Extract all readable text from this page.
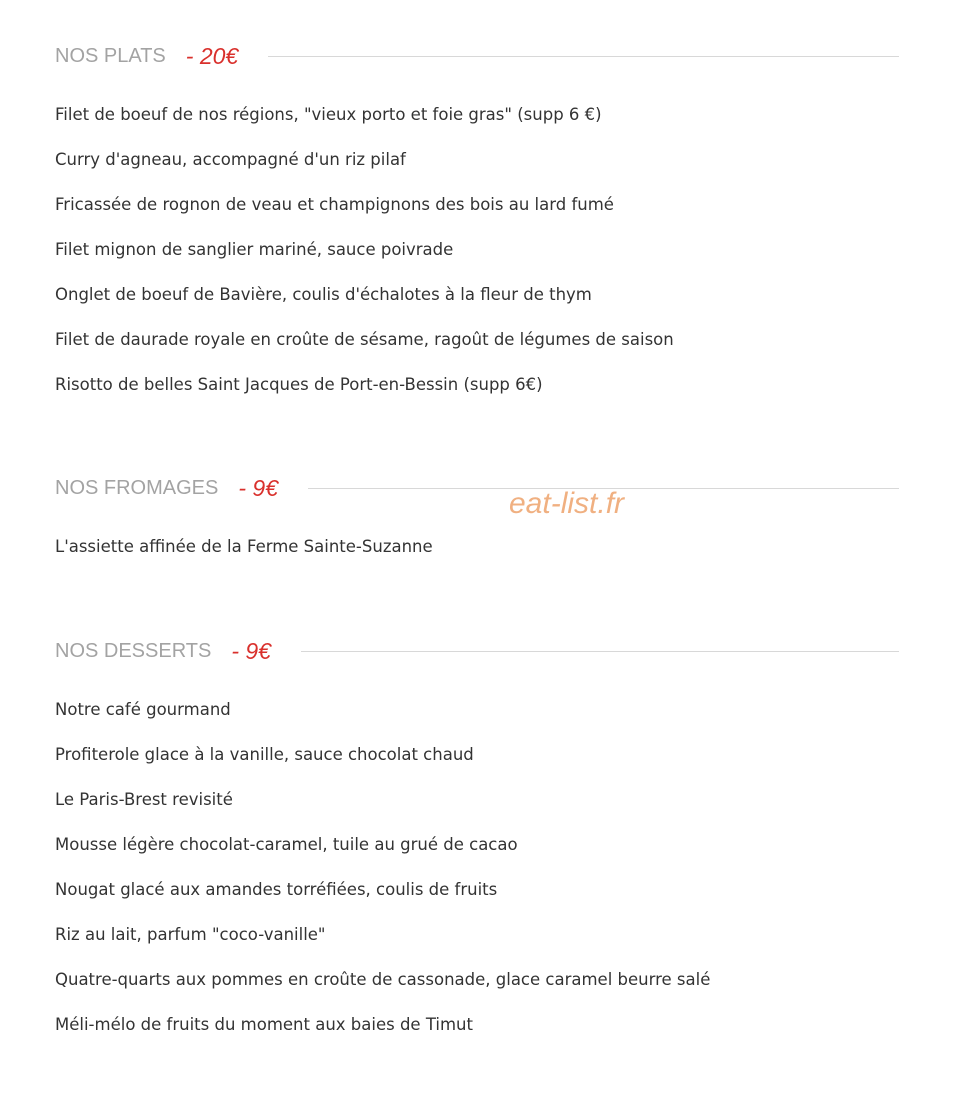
NOS PLATS - 20€
Filet de boeuf de nos régions, "vieux porto et foie gras" (supp 6 €)
Curry d'agneau, accompagné d'un riz pilaf
Fricassée de rognon de veau et champignons des bois au lard fumé
Filet mignon de sanglier mariné, sauce poivrade
Onglet de boeuf de Bavière, coulis d'échalotes à la fleur de thym
Filet de daurade royale en croûte de sésame, ragoût de légumes de saison
Risotto de belles Saint Jacques de Port-en-Bessin (supp 6€)
NOS FROMAGES - 9€
L'assiette affinée de la Ferme Sainte-Suzanne
eat-list.fr
NOS DESSERTS - 9€
Notre café gourmand
Profiterole glace à la vanille, sauce chocolat chaud
Le Paris-Brest revisité
Mousse légère chocolat-caramel, tuile au grué de cacao
Nougat glacé aux amandes torréfiées, coulis de fruits
Riz au lait, parfum "coco-vanille"
Quatre-quarts aux pommes en croûte de cassonade, glace caramel beurre salé
Méli-mélo de fruits du moment aux baies de Timut
